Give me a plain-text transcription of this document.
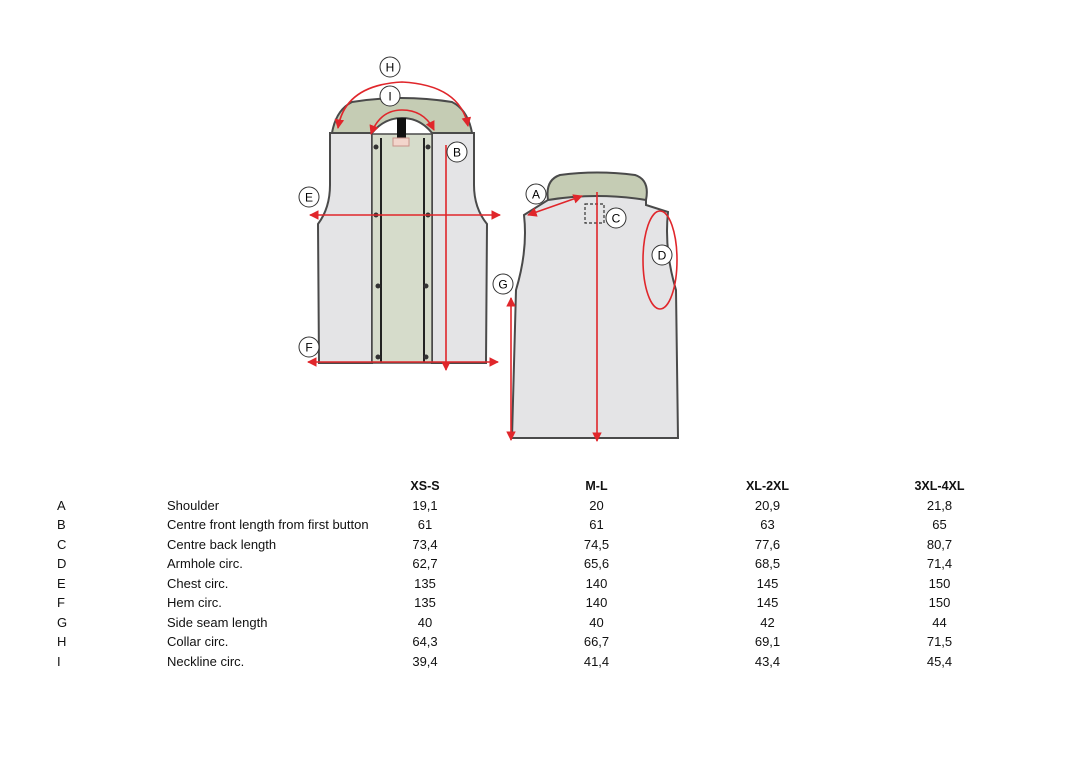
H
I
B
E
F
A
C
D
G
		XS-S		M-L		XL-2XL		3XL-4XL
A	Shoulder	19,1		20		20,9		21,8
B	Centre front length from first button	61		61		63		65
C	Centre back length	73,4		74,5		77,6		80,7
D	Armhole circ.	62,7		65,6		68,5		71,4
E	Chest circ.	135		140		145		150
F	Hem circ.	135		140		145		150
G	Side seam length	40		40		42		44
H	Collar circ.	64,3		66,7		69,1		71,5
I	Neckline circ.	39,4		41,4		43,4		45,4
